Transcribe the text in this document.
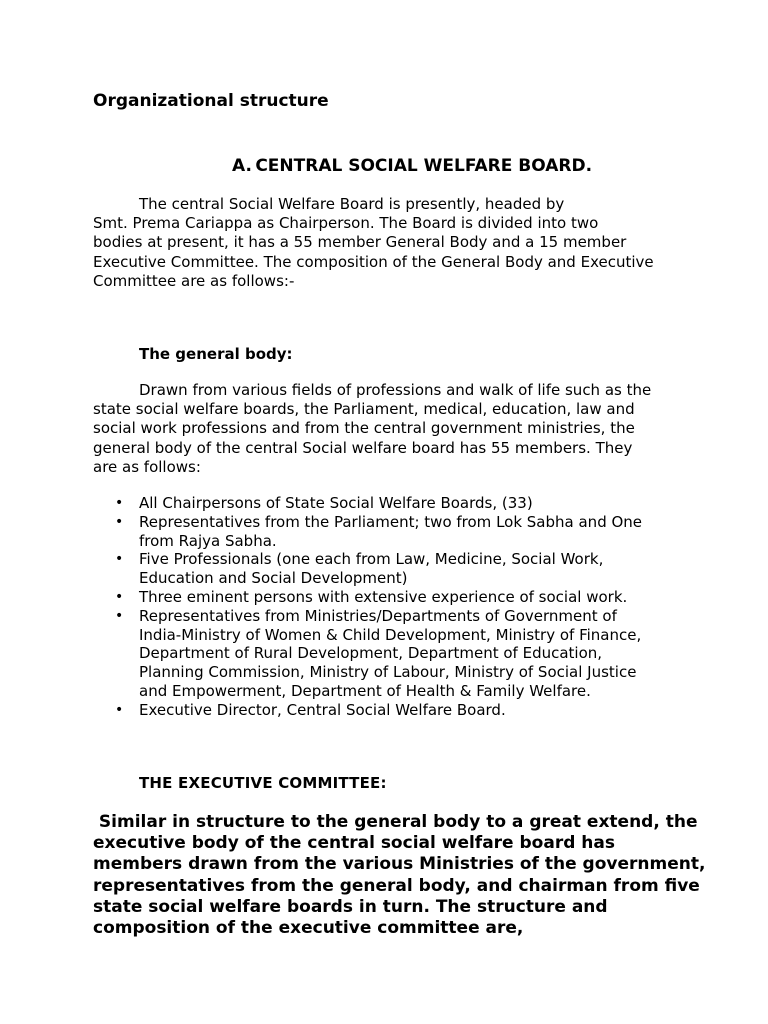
Organizational structure
A. CENTRAL SOCIAL WELFARE BOARD.

The central Social Welfare Board is presently, headed by
Smt. Prema Cariappa as Chairperson. The Board is divided into two
bodies at present, it has a 55 member General Body and a 15 member
Executive Committee. The composition of the General Body and Executive
Committee are as follows:-

The general body:

Drawn from various fields of professions and walk of life such as the
state social welfare boards, the Parliament, medical, education, law and
social work professions and from the central government ministries, the
general body of the central Social welfare board has 55 members. They
are as follows:

• All Chairpersons of State Social Welfare Boards, (33)
• Representatives from the Parliament; two from Lok Sabha and One
from Rajya Sabha.
• Five Professionals (one each from Law, Medicine, Social Work,
Education and Social Development)
• Three eminent persons with extensive experience of social work.
• Representatives from Ministries/Departments of Government of
India-Ministry of Women & Child Development, Ministry of Finance,
Department of Rural Development, Department of Education,
Planning Commission, Ministry of Labour, Ministry of Social Justice
and Empowerment, Department of Health & Family Welfare.
• Executive Director, Central Social Welfare Board.
THE EXECUTIVE COMMITTEE:

Similar in structure to the general body to a great extend, the
executive body of the central social welfare board has
members drawn from the various Ministries of the government,
representatives from the general body, and chairman from five
state social welfare boards in turn. The structure and
composition of the executive committee are,
